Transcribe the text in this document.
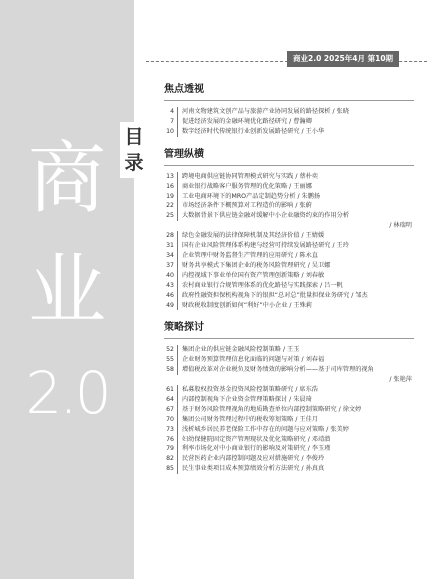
商
业
2.0
目
录
商业2.0 2025年4月 第10期
焦点透视
4	河南文物建筑文创产品与旅游产业协同发展的路径探析 / 张晓
7	促进经济发展的金融环境优化路径研究 / 曹瀚卿
10	数字经济时代传统银行业创新发展路径研究 / 王小华
管理纵横
13	跨境电商供应链协同管理模式研究与实践 / 蔡朴奕
16	商业银行战略客户服务管理的优化策略 / 王丽娜
19	工业电商环境下的MRO产品定制趋势分析 / 朱鹏扬
22	市场经济条件下概预算对工程造价的影响 / 张蔚
25	大数据背景下供应链金融对缓解中小企业融资约束的作用分析
/ 林瑞明
28	绿色金融发展的法律保障机制及其经济价值 / 王婧媛
31	国有企业风险管理体系构建与经营可持续发展路径研究 / 王玲
34	企业管理中财务监督生产管理的应用研究 / 陈永直
37	财务共享模式下集团企业的税务风险管理研究 / 吴卫娜
40	内控视域下事业单位国有资产管理创新策略 / 刘春敏
43	农村商业银行合规管理体系的优化路径与实践探索 / 吕一帆
46	政府性融资担保机构视角下的银担“总对总”批量担保业务研究 / 邹杰
49	财政税收制度创新如何“利好”中小企业 / 王殊莉
策略探讨
52	集团企业的供应链金融风险控制策略 / 王玉
55	企业财务预算管理信息化面临的问题与对策 / 刘春福
58	增值税改革对企业税负及财务绩效的影响分析——基于司库管理的视角
/ 张艳萍
61	私募股权投资基金投资风险控制策略研究 / 席东浩
64	内部控制视角下企业资金管理策略探讨 / 朱晨琦
67	基于财务风险管理视角的地质勘查单位内部控制策略研究 / 徐文婷
70	集团公司财务管理过程中的税收筹划策略 / 王佳月
73	浅析城乡居民养老保险工作中存在的问题与应对策略 / 张美婷
76	妇幼保健院固定资产管理现状及优化策略研究 / 邓靖潜
79	利率市场化对中小商业银行的影响及对策研究 / 李玉瑾
82	民营医药企业内部控制问题及应对措施研究 / 李俊玲
85	民生事业类项目成本预算绩效分析方法研究 / 孙真真
